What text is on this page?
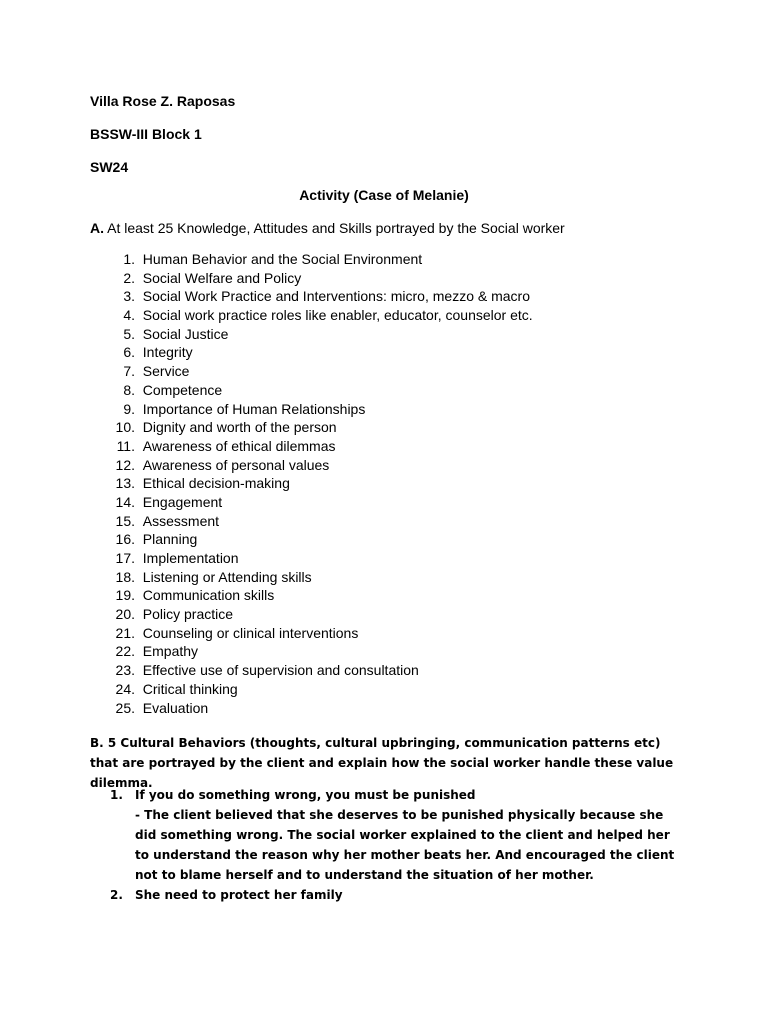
Villa Rose Z. Raposas
BSSW-III Block 1
SW24
Activity (Case of Melanie)
A. At least 25 Knowledge, Attitudes and Skills portrayed by the Social worker
1. Human Behavior and the Social Environment
2. Social Welfare and Policy
3. Social Work Practice and Interventions: micro, mezzo & macro
4. Social work practice roles like enabler, educator, counselor etc.
5. Social Justice
6. Integrity
7. Service
8. Competence
9. Importance of Human Relationships
10. Dignity and worth of the person
11. Awareness of ethical dilemmas
12. Awareness of personal values
13. Ethical decision-making
14. Engagement
15. Assessment
16. Planning
17. Implementation
18. Listening or Attending skills
19. Communication skills
20. Policy practice
21. Counseling or clinical interventions
22. Empathy
23. Effective use of supervision and consultation
24. Critical thinking
25. Evaluation
B. 5 Cultural Behaviors (thoughts, cultural upbringing, communication patterns etc) that are portrayed by the client and explain how the social worker handle these value dilemma.
1. If you do something wrong, you must be punished
- The client believed that she deserves to be punished physically because she did something wrong. The social worker explained to the client and helped her to understand the reason why her mother beats her. And encouraged the client not to blame herself and to understand the situation of her mother.
2. She need to protect her family
